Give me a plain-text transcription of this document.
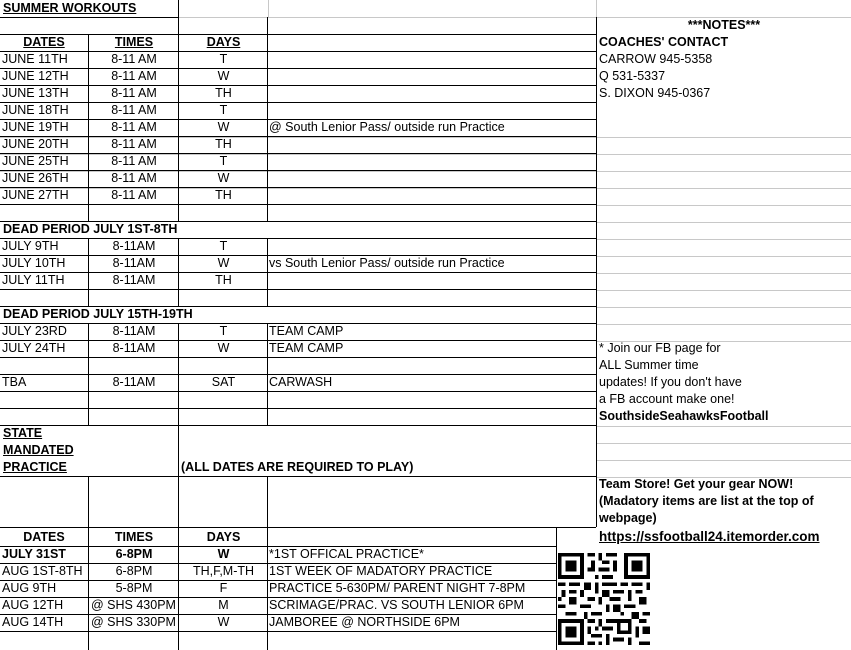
SUMMER WORKOUTS
***NOTES***
COACHES' CONTACT
CARROW 945-5358
Q 531-5337
S. DIXON 945-0367
* Join our FB page for
ALL Summer time
updates! If you don't have
a FB account make one!
SouthsideSeahawksFootball
Team Store! Get your gear NOW!
(Madatory items are list at the top of
webpage)
https://ssfootball24.itemorder.com
DATES	TIMES	DAYS
JUNE 11TH	8-11 AM	T
JUNE 12TH	8-11 AM	W
JUNE 13TH	8-11 AM	TH
JUNE 18TH	8-11 AM	T
JUNE 19TH	8-11 AM	W	@ South Lenior Pass/ outside run Practice
JUNE 20TH	8-11 AM	TH
JUNE 25TH	8-11 AM	T
JUNE 26TH	8-11 AM	W
JUNE 27TH	8-11 AM	TH
DEAD PERIOD JULY 1ST-8TH
JULY 9TH	8-11AM	T
JULY 10TH	8-11AM	W	vs South Lenior Pass/ outside run Practice
JULY 11TH	8-11AM	TH
DEAD PERIOD JULY 15TH-19TH
JULY 23RD	8-11AM	T	TEAM CAMP
JULY 24TH	8-11AM	W	TEAM CAMP
TBA	8-11AM	SAT	CARWASH
STATE
MANDATED
PRACTICE	(ALL DATES ARE REQUIRED TO PLAY)
DATES	TIMES	DAYS
JULY 31ST	6-8PM	W	*1ST OFFICAL PRACTICE*
AUG 1ST-8TH	6-8PM	TH,F,M-TH	1ST WEEK OF MADATORY PRACTICE
AUG 9TH	5-8PM	F	PRACTICE 5-630PM/ PARENT NIGHT 7-8PM
AUG 12TH	@ SHS 430PM	M	SCRIMAGE/PRAC. VS SOUTH LENIOR 6PM
AUG 14TH	@ SHS 330PM	W	JAMBOREE @ NORTHSIDE 6PM
